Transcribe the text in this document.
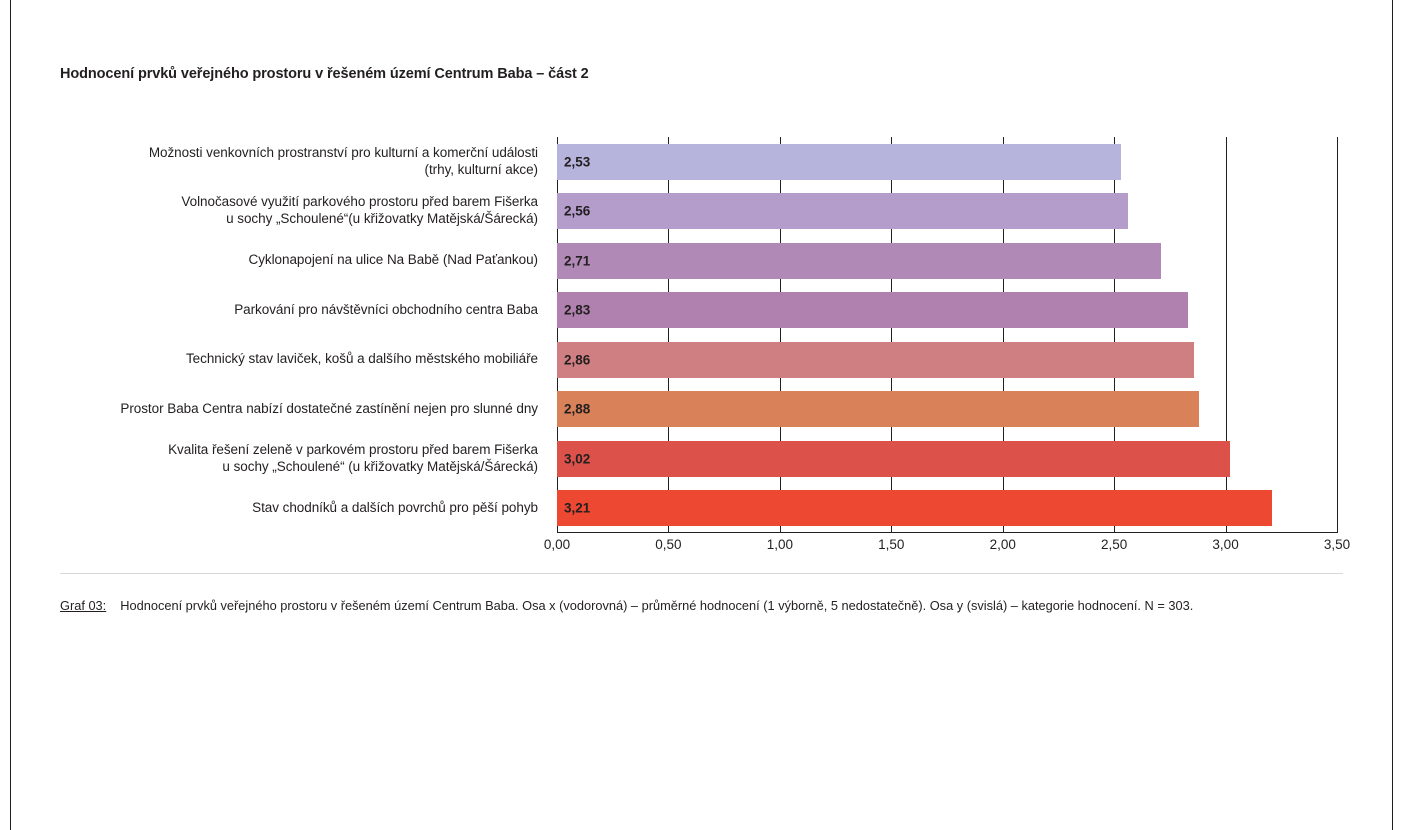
Hodnocení prvků veřejného prostoru v řešeném území Centrum Baba – část 2
Možnosti venkovních prostranství pro kulturní a komerční události
(trhy, kulturní akce)
Volnočasové využití parkového prostoru před barem Fišerka
u sochy „Schoulené“(u křižovatky Matějská/Šárecká)
Cyklonapojení na ulice Na Babě (Nad Paťankou)
Parkování pro návštěvníci obchodního centra Baba
Technický stav laviček, košů a dalšího městského mobiliáře
Prostor Baba Centra nabízí dostatečné zastínění nejen pro slunné dny
Kvalita řešení zeleně v parkovém prostoru před barem Fišerka
u sochy „Schoulené“ (u křižovatky Matějská/Šárecká)
Stav chodníků a dalších povrchů pro pěší pohyb
2,53
2,56
2,71
2,83
2,86
2,88
3,02
3,21
0,00	0,50	1,00	1,50	2,00	2,50	3,00	3,50
Graf 03: Hodnocení prvků veřejného prostoru v řešeném území Centrum Baba. Osa x (vodorovná) – průměrné hodnocení (1 výborně, 5 nedostatečně). Osa y (svislá) – kategorie hodnocení. N = 303.
